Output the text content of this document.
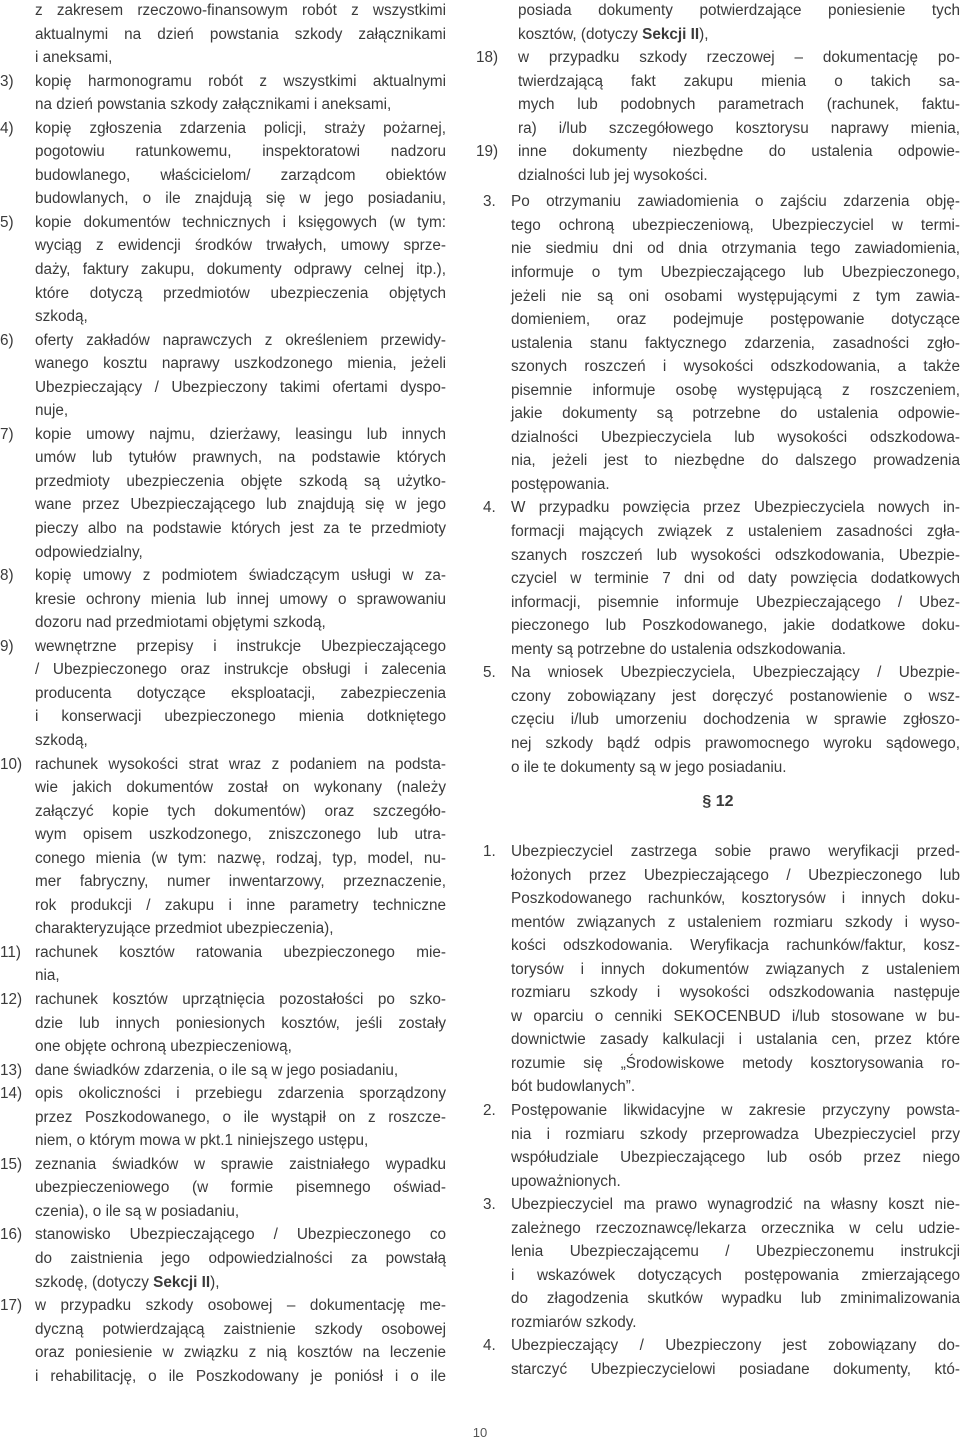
z zakresem rzeczowo-finansowym robót z wszystkimi
aktualnymi na dzień powstania szkody załącznikami
i aneksami,
3) kopię harmonogramu robót z wszystkimi aktualnymi
na dzień powstania szkody załącznikami i aneksami,
4) kopię zgłoszenia zdarzenia policji, straży pożarnej,
pogotowiu ratunkowemu, inspektoratowi nadzoru
budowlanego, właścicielom/ zarządcom obiektów
budowlanych, o ile znajdują się w jego posiadaniu,
5) kopie dokumentów technicznych i księgowych (w tym:
wyciąg z ewidencji środków trwałych, umowy sprze-
daży, faktury zakupu, dokumenty odprawy celnej itp.),
które dotyczą przedmiotów ubezpieczenia objętych
szkodą,
6) oferty zakładów naprawczych z określeniem przewidy-
wanego kosztu naprawy uszkodzonego mienia, jeżeli
Ubezpieczający / Ubezpieczony takimi ofertami dyspo-
nuje,
7) kopie umowy najmu, dzierżawy, leasingu lub innych
umów lub tytułów prawnych, na podstawie których
przedmioty ubezpieczenia objęte szkodą są użytko-
wane przez Ubezpieczającego lub znajdują się w jego
pieczy albo na podstawie których jest za te przedmioty
odpowiedzialny,
8) kopię umowy z podmiotem świadczącym usługi w za-
kresie ochrony mienia lub innej umowy o sprawowaniu
dozoru nad przedmiotami objętymi szkodą,
9) wewnętrzne przepisy i instrukcje Ubezpieczającego
/ Ubezpieczonego oraz instrukcje obsługi i zalecenia
producenta dotyczące eksploatacji, zabezpieczenia
i konserwacji ubezpieczonego mienia dotkniętego
szkodą,
10) rachunek wysokości strat wraz z podaniem na podsta-
wie jakich dokumentów został on wykonany (należy
załączyć kopie tych dokumentów) oraz szczegóło-
wym opisem uszkodzonego, zniszczonego lub utra-
conego mienia (w tym: nazwę, rodzaj, typ, model, nu-
mer fabryczny, numer inwentarzowy, przeznaczenie,
rok produkcji / zakupu i inne parametry techniczne
charakteryzujące przedmiot ubezpieczenia),
11) rachunek kosztów ratowania ubezpieczonego mie-
nia,
12) rachunek kosztów uprzątnięcia pozostałości po szko-
dzie lub innych poniesionych kosztów, jeśli zostały
one objęte ochroną ubezpieczeniową,
13) dane świadków zdarzenia, o ile są w jego posiadaniu,
14) opis okoliczności i przebiegu zdarzenia sporządzony
przez Poszkodowanego, o ile wystąpił on z roszcze-
niem, o którym mowa w pkt.1 niniejszego ustępu,
15) zeznania świadków w sprawie zaistniałego wypadku
ubezpieczeniowego (w formie pisemnego oświad-
czenia), o ile są w posiadaniu,
16) stanowisko Ubezpieczającego / Ubezpieczonego co
do zaistnienia jego odpowiedzialności za powstałą
szkodę, (dotyczy Sekcji II),
17) w przypadku szkody osobowej – dokumentację me-
dyczną potwierdzającą zaistnienie szkody osobowej
oraz poniesienie w związku z nią kosztów na leczenie
i rehabilitację, o ile Poszkodowany je poniósł i o ile
posiada dokumenty potwierdzające poniesienie tych
kosztów, (dotyczy Sekcji II),
18) w przypadku szkody rzeczowej – dokumentację po-
twierdzającą fakt zakupu mienia o takich sa-
mych lub podobnych parametrach (rachunek, faktu-
ra) i/lub szczegółowego kosztorysu naprawy mienia,
19) inne dokumenty niezbędne do ustalenia odpowie-
dzialności lub jej wysokości.
3. Po otrzymaniu zawiadomienia o zajściu zdarzenia obję-
tego ochroną ubezpieczeniową, Ubezpieczyciel w termi-
nie siedmiu dni od dnia otrzymania tego zawiadomienia,
informuje o tym Ubezpieczającego lub Ubezpieczonego,
jeżeli nie są oni osobami występującymi z tym zawia-
domieniem, oraz podejmuje postępowanie dotyczące
ustalenia stanu faktycznego zdarzenia, zasadności zgło-
szonych roszczeń i wysokości odszkodowania, a także
pisemnie informuje osobę występującą z roszczeniem,
jakie dokumenty są potrzebne do ustalenia odpowie-
dzialności Ubezpieczyciela lub wysokości odszkodowa-
nia, jeżeli jest to niezbędne do dalszego prowadzenia
postępowania.
4. W przypadku powzięcia przez Ubezpieczyciela nowych in-
formacji mających związek z ustaleniem zasadności zgła-
szanych roszczeń lub wysokości odszkodowania, Ubezpie-
czyciel w terminie 7 dni od daty powzięcia dodatkowych
informacji, pisemnie informuje Ubezpieczającego / Ubez-
pieczonego lub Poszkodowanego, jakie dodatkowe doku-
menty są potrzebne do ustalenia odszkodowania.
5. Na wniosek Ubezpieczyciela, Ubezpieczający / Ubezpie-
czony zobowiązany jest doręczyć postanowienie o wsz-
częciu i/lub umorzeniu dochodzenia w sprawie zgłoszo-
nej szkody bądź odpis prawomocnego wyroku sądowego,
o ile te dokumenty są w jego posiadaniu.
§ 12
1. Ubezpieczyciel zastrzega sobie prawo weryfikacji przed-
łożonych przez Ubezpieczającego / Ubezpieczonego lub
Poszkodowanego rachunków, kosztorysów i innych doku-
mentów związanych z ustaleniem rozmiaru szkody i wyso-
kości odszkodowania. Weryfikacja rachunków/faktur, kosz-
torysów i innych dokumentów związanych z ustaleniem
rozmiaru szkody i wysokości odszkodowania następuje
w oparciu o cenniki SEKOCENBUD i/lub stosowane w bu-
downictwie zasady kalkulacji i ustalania cen, przez które
rozumie się „Środowiskowe metody kosztorysowania ro-
bót budowlanych”.
2. Postępowanie likwidacyjne w zakresie przyczyny powsta-
nia i rozmiaru szkody przeprowadza Ubezpieczyciel przy
współudziale Ubezpieczającego lub osób przez niego
upoważnionych.
3. Ubezpieczyciel ma prawo wynagrodzić na własny koszt nie-
zależnego rzeczoznawcę/lekarza orzecznika w celu udzie-
lenia Ubezpieczającemu / Ubezpieczonemu instrukcji
i wskazówek dotyczących postępowania zmierzającego
do złagodzenia skutków wypadku lub zminimalizowania
rozmiarów szkody.
4. Ubezpieczający / Ubezpieczony jest zobowiązany do-
starczyć Ubezpieczycielowi posiadane dokumenty, któ-
10
